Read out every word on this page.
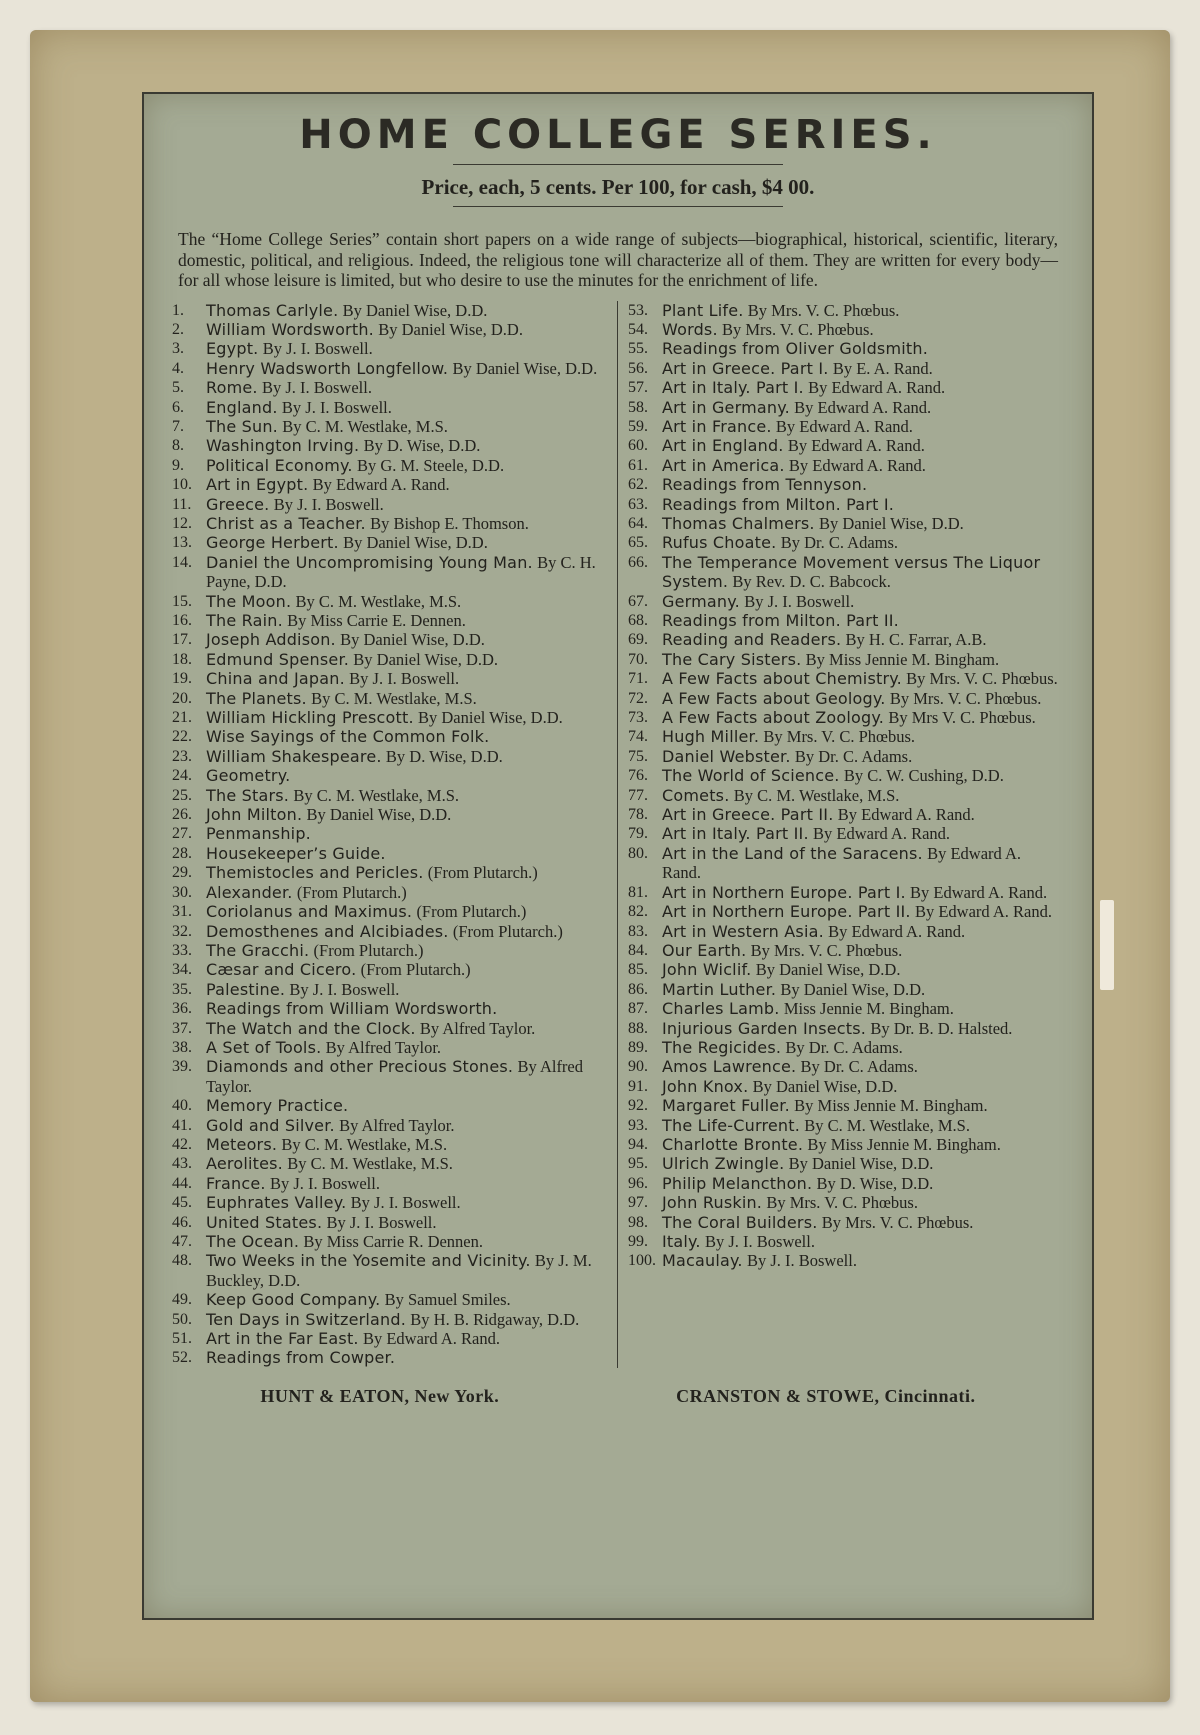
HOME COLLEGE SERIES.
Price, each, 5 cents. Per 100, for cash, $4 00.

The “Home College Series” contain short papers on a wide range of subjects—biographical, historical, scientific, literary, domestic, political, and religious. Indeed, the religious tone will characterize all of them. They are written for every body—for all whose leisure is limited, but who desire to use the minutes for the enrichment of life.

1.	Thomas Carlyle. By Daniel Wise, D.D.
2.	William Wordsworth. By Daniel Wise, D.D.
3.	Egypt. By J. I. Boswell.
4.	Henry Wadsworth Longfellow. By Daniel Wise, D.D.
5.	Rome. By J. I. Boswell.
6.	England. By J. I. Boswell.
7.	The Sun. By C. M. Westlake, M.S.
8.	Washington Irving. By D. Wise, D.D.
9.	Political Economy. By G. M. Steele, D.D.
10. Art in Egypt. By Edward A. Rand.
11. Greece. By J. I. Boswell.
12. Christ as a Teacher. By Bishop E. Thomson.
13. George Herbert. By Daniel Wise, D.D.
14. Daniel the Uncompromising Young Man. By C. H. Payne, D.D.
15. The Moon. By C. M. Westlake, M.S.
16. The Rain. By Miss Carrie E. Dennen.
17. Joseph Addison. By Daniel Wise, D.D.
18. Edmund Spenser. By Daniel Wise, D.D.
19. China and Japan. By J. I. Boswell.
20. The Planets. By C. M. Westlake, M.S.
21. William Hickling Prescott. By Daniel Wise, D.D.
22. Wise Sayings of the Common Folk.
23. William Shakespeare. By D. Wise, D.D.
24. Geometry.
25. The Stars. By C. M. Westlake, M.S.
26. John Milton. By Daniel Wise, D.D.
27. Penmanship.
28. Housekeeper’s Guide.
29. Themistocles and Pericles. (From Plutarch.)
30. Alexander. (From Plutarch.)
31. Coriolanus and Maximus. (From Plutarch.)
32. Demosthenes and Alcibiades. (From Plutarch.)
33. The Gracchi. (From Plutarch.)
34. Cæsar and Cicero. (From Plutarch.)
35. Palestine. By J. I. Boswell.
36. Readings from William Wordsworth.
37. The Watch and the Clock. By Alfred Taylor.
38. A Set of Tools. By Alfred Taylor.
39. Diamonds and other Precious Stones. By Alfred Taylor.
40. Memory Practice.
41. Gold and Silver. By Alfred Taylor.
42. Meteors. By C. M. Westlake, M.S.
43. Aerolites. By C. M. Westlake, M.S.
44. France. By J. I. Boswell.
45. Euphrates Valley. By J. I. Boswell.
46. United States. By J. I. Boswell.
47. The Ocean. By Miss Carrie R. Dennen.
48. Two Weeks in the Yosemite and Vicinity. By J. M. Buckley, D.D.
49. Keep Good Company. By Samuel Smiles.
50. Ten Days in Switzerland. By H. B. Ridgaway, D.D.
51. Art in the Far East. By Edward A. Rand.
52. Readings from Cowper.
53. Plant Life. By Mrs. V. C. Phœbus.
54. Words. By Mrs. V. C. Phœbus.
55. Readings from Oliver Goldsmith.
56. Art in Greece. Part I. By E. A. Rand.
57. Art in Italy. Part I. By Edward A. Rand.
58. Art in Germany. By Edward A. Rand.
59. Art in France. By Edward A. Rand.
60. Art in England. By Edward A. Rand.
61. Art in America. By Edward A. Rand.
62. Readings from Tennyson.
63. Readings from Milton. Part I.
64. Thomas Chalmers. By Daniel Wise, D.D.
65. Rufus Choate. By Dr. C. Adams.
66. The Temperance Movement versus The Liquor System. By Rev. D. C. Babcock.
67. Germany. By J. I. Boswell.
68. Readings from Milton. Part II.
69. Reading and Readers. By H. C. Farrar, A.B.
70. The Cary Sisters. By Miss Jennie M. Bingham.
71. A Few Facts about Chemistry. By Mrs. V. C. Phœbus.
72. A Few Facts about Geology. By Mrs. V. C. Phœbus.
73. A Few Facts about Zoology. By Mrs V. C. Phœbus.
74. Hugh Miller. By Mrs. V. C. Phœbus.
75. Daniel Webster. By Dr. C. Adams.
76. The World of Science. By C. W. Cushing, D.D.
77. Comets. By C. M. Westlake, M.S.
78. Art in Greece. Part II. By Edward A. Rand.
79. Art in Italy. Part II. By Edward A. Rand.
80. Art in the Land of the Saracens. By Edward A. Rand.
81. Art in Northern Europe. Part I. By Edward A. Rand.
82. Art in Northern Europe. Part II. By Edward A. Rand.
83. Art in Western Asia. By Edward A. Rand.
84. Our Earth. By Mrs. V. C. Phœbus.
85. John Wiclif. By Daniel Wise, D.D.
86. Martin Luther. By Daniel Wise, D.D.
87. Charles Lamb. Miss Jennie M. Bingham.
88. Injurious Garden Insects. By Dr. B. D. Halsted.
89. The Regicides. By Dr. C. Adams.
90. Amos Lawrence. By Dr. C. Adams.
91. John Knox. By Daniel Wise, D.D.
92. Margaret Fuller. By Miss Jennie M. Bingham.
93. The Life-Current. By C. M. Westlake, M.S.
94. Charlotte Bronte. By Miss Jennie M. Bingham.
95. Ulrich Zwingle. By Daniel Wise, D.D.
96. Philip Melancthon. By D. Wise, D.D.
97. John Ruskin. By Mrs. V. C. Phœbus.
98. The Coral Builders. By Mrs. V. C. Phœbus.
99. Italy. By J. I. Boswell.
100. Macaulay. By J. I. Boswell.
HUNT & EATON, New York.	CRANSTON & STOWE, Cincinnati.
